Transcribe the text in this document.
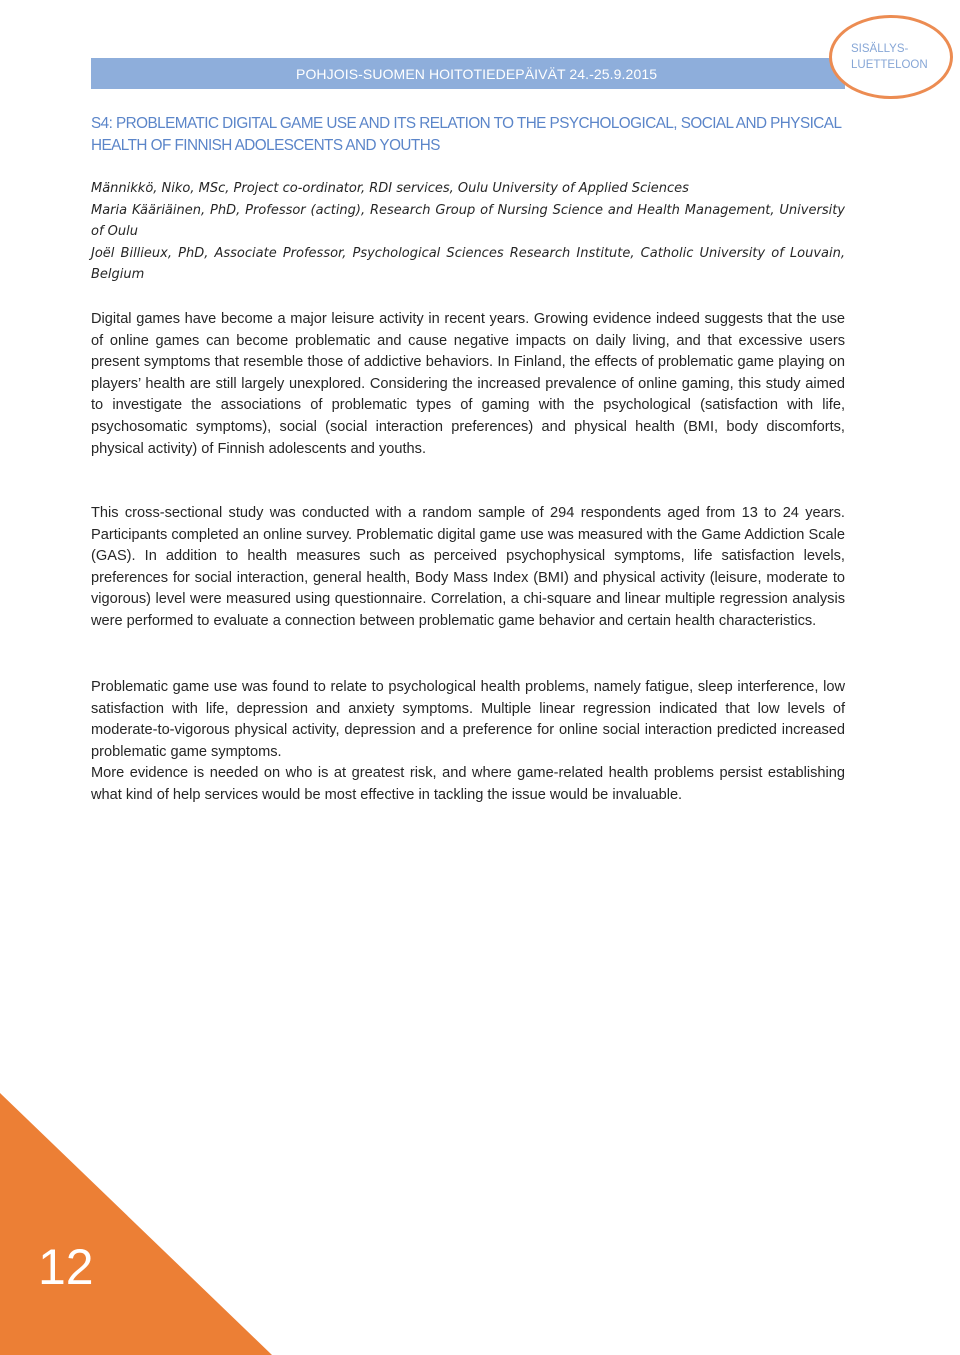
POHJOIS-SUOMEN HOITOTIEDEPÄIVÄT 24.-25.9.2015
SISÄLLYS-
LUETTELOON
S4: PROBLEMATIC DIGITAL GAME USE AND ITS RELATION TO THE PSYCHOLOGICAL, SOCIAL AND PHYSICAL HEALTH OF FINNISH ADOLESCENTS AND YOUTHS

Männikkö, Niko, MSc, Project co-ordinator, RDI services, Oulu University of Applied Sciences

Maria Kääriäinen, PhD, Professor (acting), Research Group of Nursing Science and Health Management, University of Oulu

Joël Billieux, PhD, Associate Professor, Psychological Sciences Research Institute, Catholic University of Louvain, Belgium

Digital games have become a major leisure activity in recent years. Growing evidence indeed suggests that the use of online games can become problematic and cause negative impacts on daily living, and that excessive users present symptoms that resemble those of addictive behaviors. In Finland, the effects of problematic game playing on players’ health are still largely unexplored. Considering the increased prevalence of online gaming, this study aimed to investigate the associations of problematic types of gaming with the psychological (satisfaction with life, psychosomatic symptoms), social (social interaction preferences) and physical health (BMI, body discomforts, physical activity) of Finnish adolescents and youths.

This cross-sectional study was conducted with a random sample of 294 respondents aged from 13 to 24 years. Participants completed an online survey. Problematic digital game use was measured with the Game Addiction Scale (GAS). In addition to health measures such as perceived psychophysical symptoms, life satisfaction levels, preferences for social interaction, general health, Body Mass Index (BMI) and physical activity (leisure, moderate to vigorous) level were measured using questionnaire. Correlation, a chi-square and linear multiple regression analysis were performed to evaluate a connection between problematic game behavior and certain health characteristics.

Problematic game use was found to relate to psychological health problems, namely fatigue, sleep interference, low satisfaction with life, depression and anxiety symptoms. Multiple linear regression indicated that low levels of moderate-to-vigorous physical activity, depression and a preference for online social interaction predicted increased problematic game symptoms.

More evidence is needed on who is at greatest risk, and where game-related health problems persist establishing what kind of help services would be most effective in tackling the issue would be invaluable.

12
